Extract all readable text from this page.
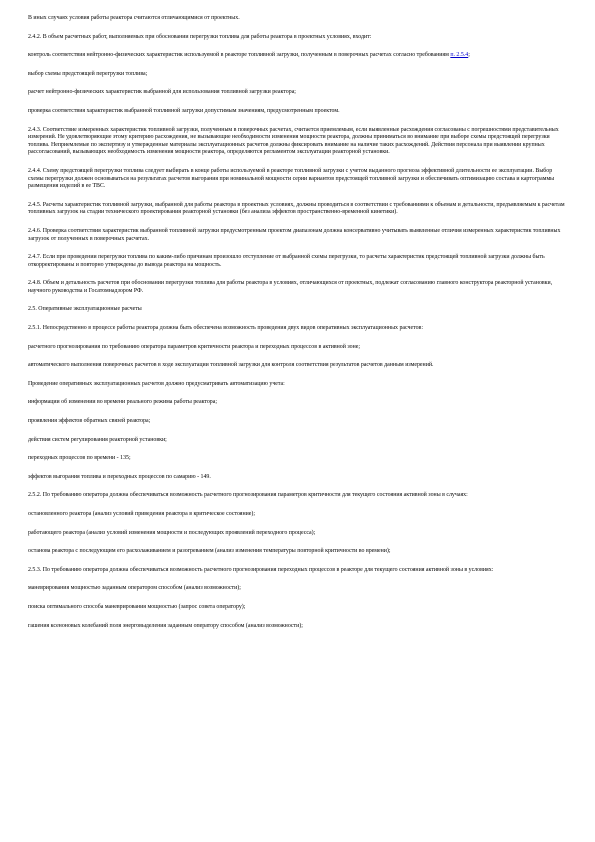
В иных случаях условия работы реактора считаются отличающимися от проектных.

2.4.2. В объем расчетных работ, выполняемых при обосновании перегрузки топлива для работы реактора в проектных условиях, входит:

контроль соответствия нейтронно-физических характеристик используемой в реакторе топливной загрузки, полученным в поверочных расчетах согласно требованиям п. 2.5.4;

выбор схемы предстоящей перегрузки топлива;

расчет нейтронно-физических характеристик выбранной для использования топливной загрузки реактора;

проверка соответствия характеристик выбранной топливной загрузки допустимым значениям, предусмотренным проектом.

2.4.3. Соответствие измеренных характеристик топливной загрузки, полученным в поверочных расчетах, считается приемлемым, если выявленные расхождения согласованы с погрешностями представительных измерений. Не удовлетворяющие этому критерию расхождения, не вызывающие необходимости изменения мощности реактора, должны приниматься во внимание при выборе схемы предстоящей перегрузки топлива. Неприемлемые по экспертизу и утвержденные материалы эксплуатационных расчетов должны фиксировать внимание на наличие таких расхождений. Действия персонала при выявлении крупных рассогласований, вызывающих необходимость изменения мощности реактора, определяются регламентом эксплуатации реакторной установки.

2.4.4. Схему предстоящей перегрузки топлива следует выбирать в конце работы используемой в реакторе топливной загрузки с учетом выданного прогноза эффективной длительности ее эксплуатации. Выбор схемы перегрузки должен основываться на результатах расчетов выгорания при номинальной мощности серии вариантов предстоящей топливной загрузки и обеспечивать оптимизацию состава и картограммы размещения изделий в ее ТВС.

2.4.5. Расчеты характеристик топливной загрузки, выбранной для работы реактора в проектных условиях, должны проводиться в соответствии с требованиями к объемам и детальности, предъявляемым к расчетам топливных загрузок на стадии технического проектирования реакторной установки (без анализа эффектов пространственно-временной кинетики).

2.4.6. Проверка соответствия характеристик выбранной топливной загрузки предусмотренным проектом диапазонам должна консервативно учитывать выявленные отличия измеренных характеристик топливных загрузок от полученных в поверочных расчетах.

2.4.7. Если при проведении перегрузки топлива по каким-либо причинам произошло отступление от выбранной схемы перегрузки, то расчеты характеристик предстоящей топливной загрузки должны быть откорректированы и повторно утверждены до вывода реактора на мощность.

2.4.8. Объем и детальность расчетов при обосновании перегрузки топлива для работы реактора в условиях, отличающихся от проектных, подлежат согласованию главного конструктора реакторной установки, научного руководства и Госатомнадзором РФ.

2.5. Оперативные эксплуатационные расчеты

2.5.1. Непосредственно в процессе работы реактора должна быть обеспечена возможность проведения двух видов оперативных эксплуатационных расчетов:

расчетного прогнозирования по требованию оператора параметров критичности реактора и переходных процессов в активной зоне;

автоматического выполнения поверочных расчетов в ходе эксплуатации топливной загрузки для контроля соответствия результатов расчетов данным измерений.

Проведение оперативных эксплуатационных расчетов должно предусматривать автоматизацию учета:

информации об изменении во времени реального режима работы реактора;

проявления эффектов обратных связей реактора;

действия систем регулирования реакторной установки;

переходных процессов по времени - 135;

эффектов выгорания топлива и переходных процессов по самарию - 149.

2.5.2. По требованию оператора должна обеспечиваться возможность расчетного прогнозирования параметров критичности для текущего состояния активной зоны в случаях:

остановленного реактора (анализ условий приведения реактора в критическое состояние);

работающего реактора (анализ условий изменения мощности и последующих проявлений переходного процесса);

останова реактора с последующим его расхолаживанием и разогреванием (анализ изменения температуры повторной критичности во времени);

2.5.3. По требованию оператора должна обеспечиваться возможность расчетного прогнозирования переходных процессов в реакторе для текущего состояния активной зоны в условиях:

маневрирования мощностью заданным оператором способом (анализ возможности);

поиска оптимального способа маневрирования мощностью (запрос совета оператору);

гашения ксеноновых колебаний поля энерговыделения заданным оператору способом (анализ возможности);
